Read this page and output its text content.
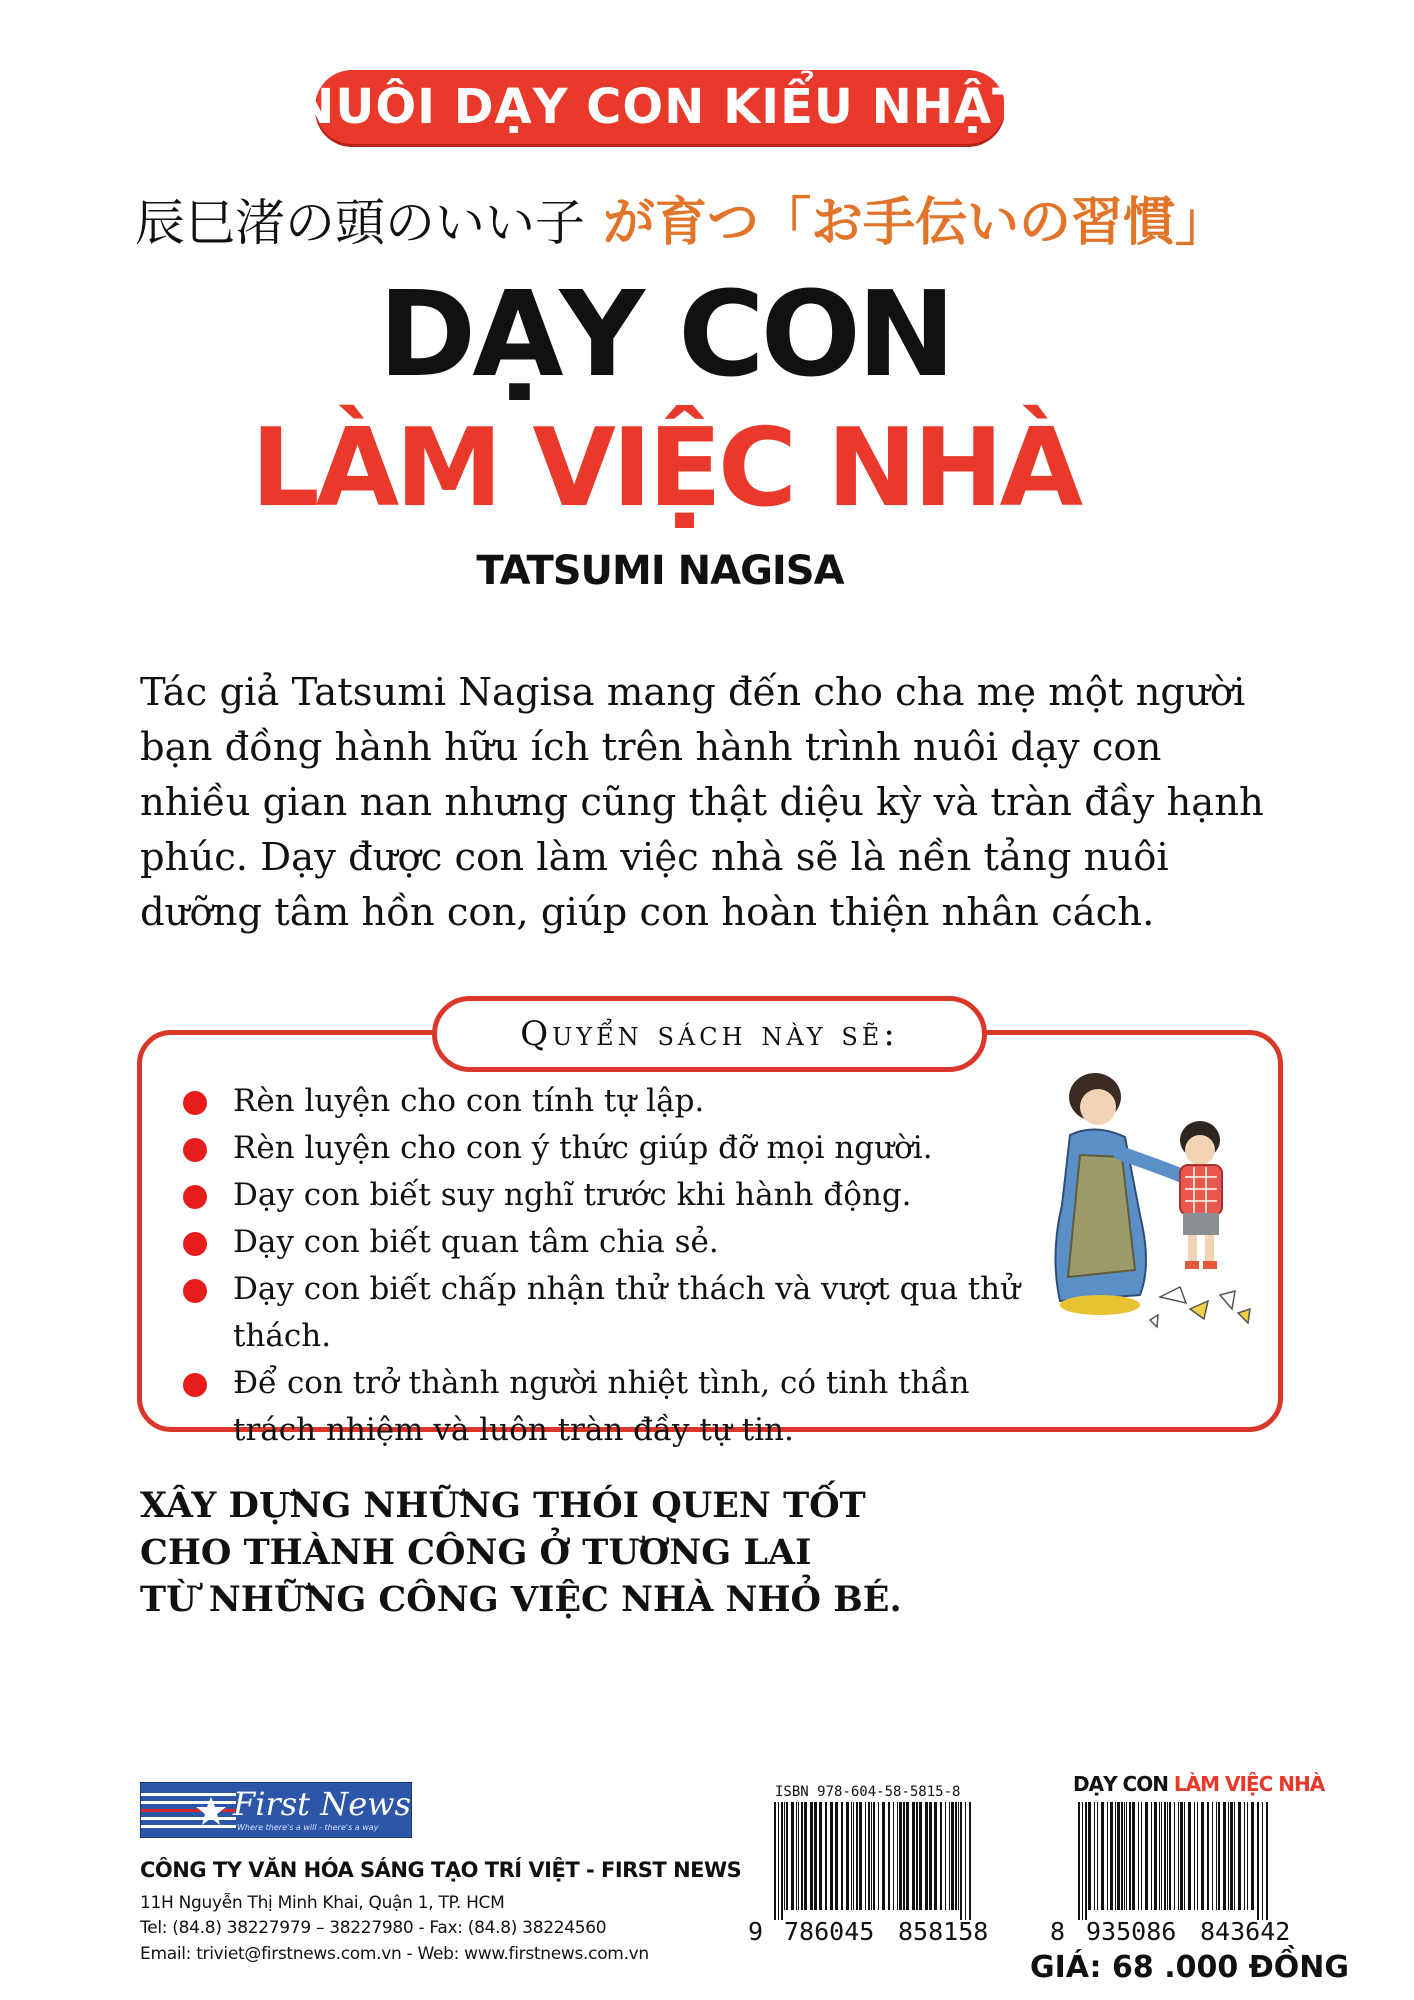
NUÔI DẠY CON KIỂU NHẬT
辰巳渚の頭のいい子 が育つ「お手伝いの習慣」
DẠY CON
LÀM VIỆC NHÀ
TATSUMI NAGISA
Tác giả Tatsumi Nagisa mang đến cho cha mẹ một người bạn đồng hành hữu ích trên hành trình nuôi dạy con nhiều gian nan nhưng cũng thật diệu kỳ và tràn đầy hạnh phúc. Dạy được con làm việc nhà sẽ là nền tảng nuôi dưỡng tâm hồn con, giúp con hoàn thiện nhân cách.
Quyển sách này sẽ:
Rèn luyện cho con tính tự lập.
Rèn luyện cho con ý thức giúp đỡ mọi người.
Dạy con biết suy nghĩ trước khi hành động.
Dạy con biết quan tâm chia sẻ.
Dạy con biết chấp nhận thử thách và vượt qua thử thách.
Để con trở thành người nhiệt tình, có tinh thần trách nhiệm và luôn tràn đầy tự tin.
XÂY DỰNG NHỮNG THÓI QUEN TỐT
CHO THÀNH CÔNG Ở TƯƠNG LAI
TỪ NHỮNG CÔNG VIỆC NHÀ NHỎ BÉ.
First News
Where there's a will - there's a way
CÔNG TY VĂN HÓA SÁNG TẠO TRÍ VIỆT - FIRST NEWS
11H Nguyễn Thị Minh Khai, Quận 1, TP. HCM
Tel: (84.8) 38227979 – 38227980 - Fax: (84.8) 38224560
Email: triviet@firstnews.com.vn - Web: www.firstnews.com.vn
ISBN 978-604-58-5815-8
9 786045 858158
DẠY CON LÀM VIỆC NHÀ
8 935086 843642
GIÁ: 68 .000 ĐỒNG
